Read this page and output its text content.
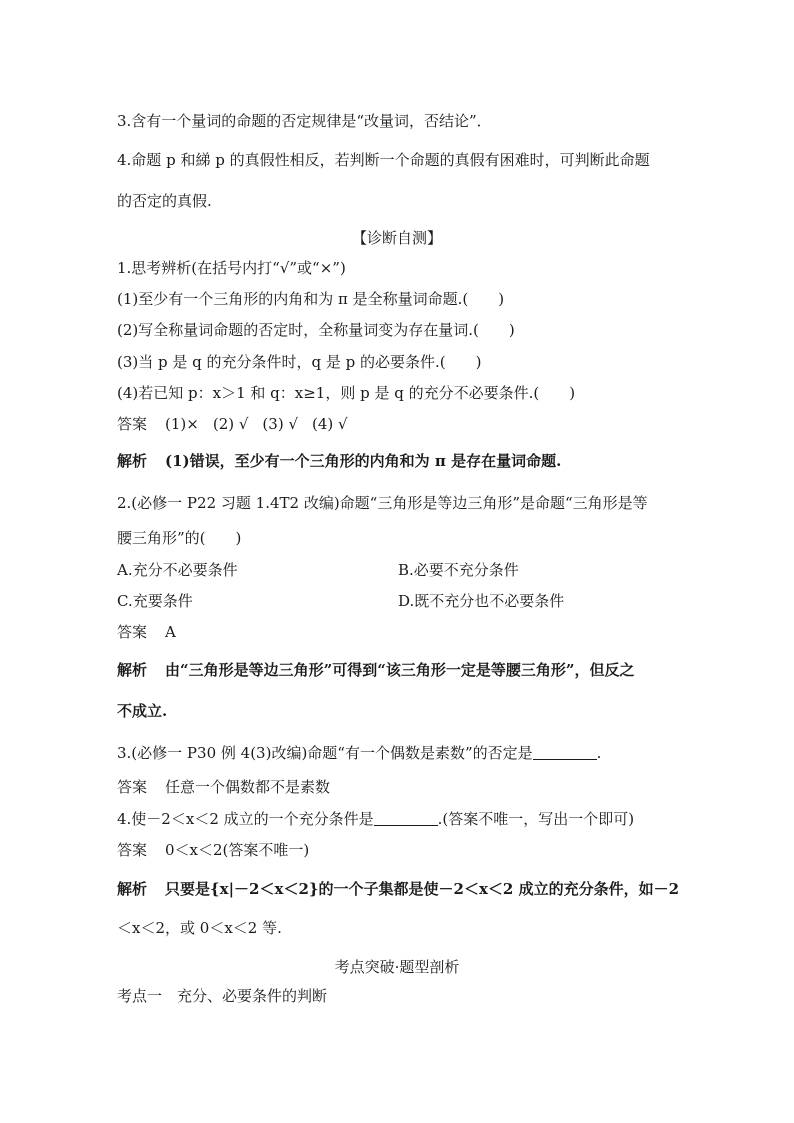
3.含有一个量词的命题的否定规律是“改量词，否结论”．
4.命题 p 和綈 p 的真假性相反，若判断一个命题的真假有困难时，可判断此命题
的否定的真假.
【诊断自测】
1.思考辨析(在括号内打“√”或“×”)
(1)至少有一个三角形的内角和为 π 是全称量词命题.(　　)
(2)写全称量词命题的否定时，全称量词变为存在量词.(　　)
(3)当 p 是 q 的充分条件时，q 是 p 的必要条件.(　　)
(4)若已知 p：x＞1 和 q：x≥1，则 p 是 q 的充分不必要条件.(　　)
答案 (1)× (2) √ (3) √ (4) √
解析 (1)错误，至少有一个三角形的内角和为 π 是存在量词命题.
2.(必修一 P22 习题 1.4T2 改编)命题“三角形是等边三角形”是命题“三角形是等
腰三角形”的(　　)
A.充分不必要条件	B.必要不充分条件
C.充要条件	D.既不充分也不必要条件
答案 A
解析 由“三角形是等边三角形”可得到“该三角形一定是等腰三角形”，但反之
不成立.
3.(必修一 P30 例 4(3)改编)命题“有一个偶数是素数”的否定是	.
答案 任意一个偶数都不是素数
4.使－2＜x＜2 成立的一个充分条件是	.(答案不唯一，写出一个即可)
答案 0＜x＜2(答案不唯一)
解析 只要是{x|－2＜x＜2}的一个子集都是使－2＜x＜2 成立的充分条件，如－2
＜x＜2，或 0＜x＜2 等.
考点突破·题型剖析
考点一　充分、必要条件的判断
